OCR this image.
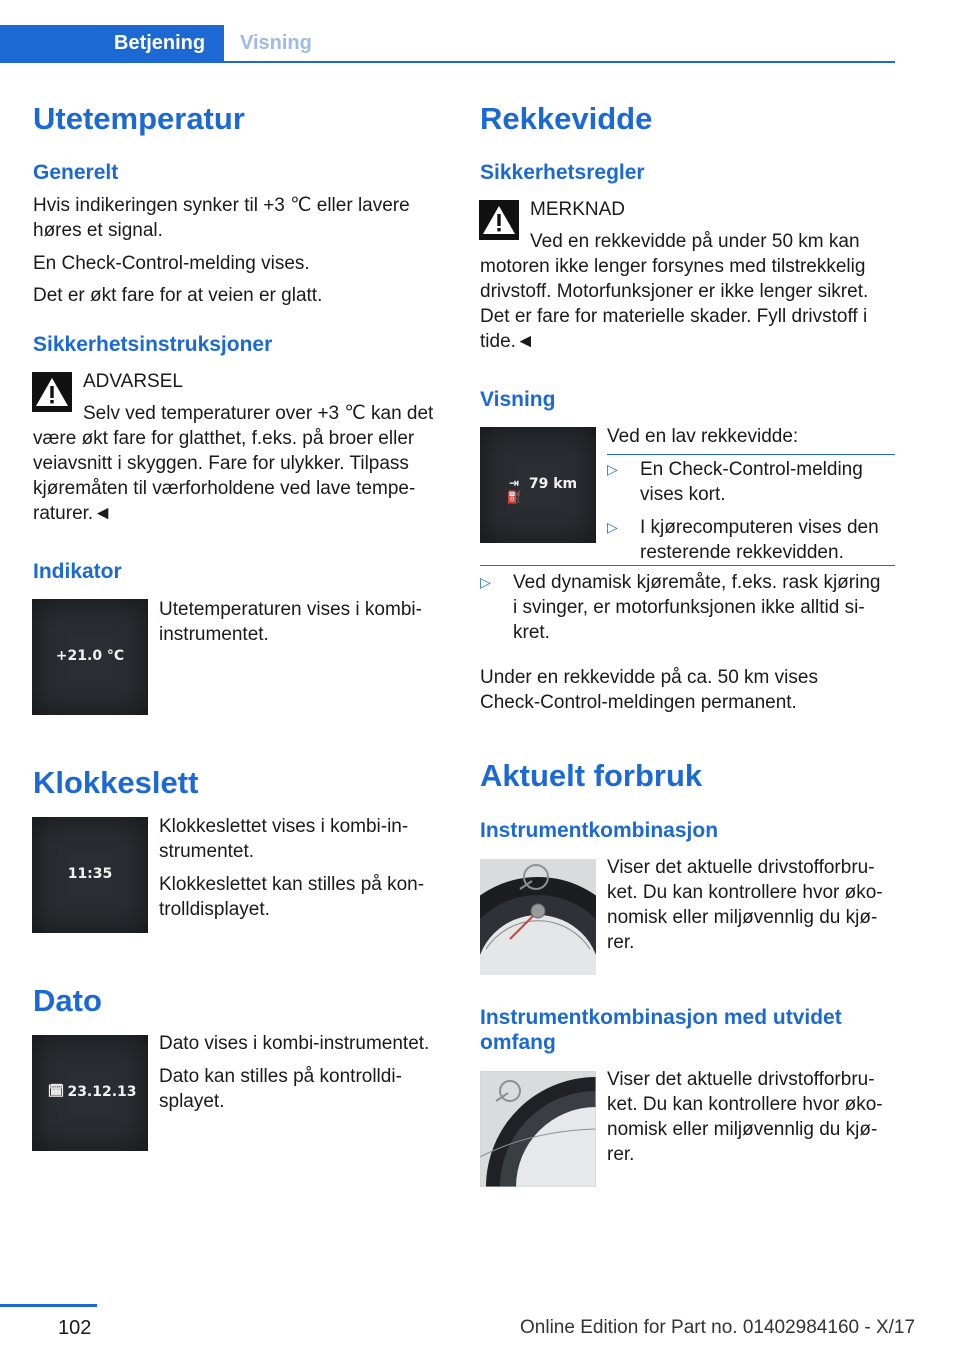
Betjening	Visning
Utetemperatur
Generelt

Hvis indikeringen synker til +3 ℃ eller lavere

høres et signal.

En Check-Control-melding vises.

Det er økt fare for at veien er glatt.

Sikkerhetsinstruksjoner

ADVARSEL

Selv ved temperaturer over +3 ℃ kan det

være økt fare for glatthet, f.eks. på broer eller

veiavsnitt i skyggen. Fare for ulykker. Tilpass

kjøremåten til værforholdene ved lave tempe‐

raturer.◄

Indikator
+21.0 °C

Utetemperaturen vises i kombi‐

instrumentet.

Klokkeslett
11:35

Klokkeslettet vises i kombi-in‐

strumentet.

Klokkeslettet kan stilles på kon‐

trolldisplayet.

Dato
🗓 23.12.13

Dato vises i kombi-instrumentet.

Dato kan stilles på kontrolldi‐

splayet.

Rekkevidde
Sikkerhetsregler

MERKNAD

Ved en rekkevidde på under 50 km kan

motoren ikke lenger forsynes med tilstrekkelig

drivstoff. Motorfunksjoner er ikke lenger sikret.

Det er fare for materielle skader. Fyll drivstoff i

tide.◄

Visning
⇥⛽
79 km

Ved en lav rekkevidde:

▷ En Check-Control-melding
vises kort.
▷ I kjørecomputeren vises den
resterende rekkevidden.
▷ Ved dynamisk kjøremåte, f.eks. rask kjøring
i svinger, er motorfunksjonen ikke alltid si‐
kret.

Under en rekkevidde på ca. 50 km vises

Check-Control-meldingen permanent.

Aktuelt forbruk
Instrumentkombinasjon

Viser det aktuelle drivstofforbru‐

ket. Du kan kontrollere hvor øko‐

nomisk eller miljøvennlig du kjø‐

rer.

Instrumentkombinasjon med utvidet
omfang

Viser det aktuelle drivstofforbru‐

ket. Du kan kontrollere hvor øko‐

nomisk eller miljøvennlig du kjø‐

rer.

102	Online Edition for Part no. 01402984160 - X/17
